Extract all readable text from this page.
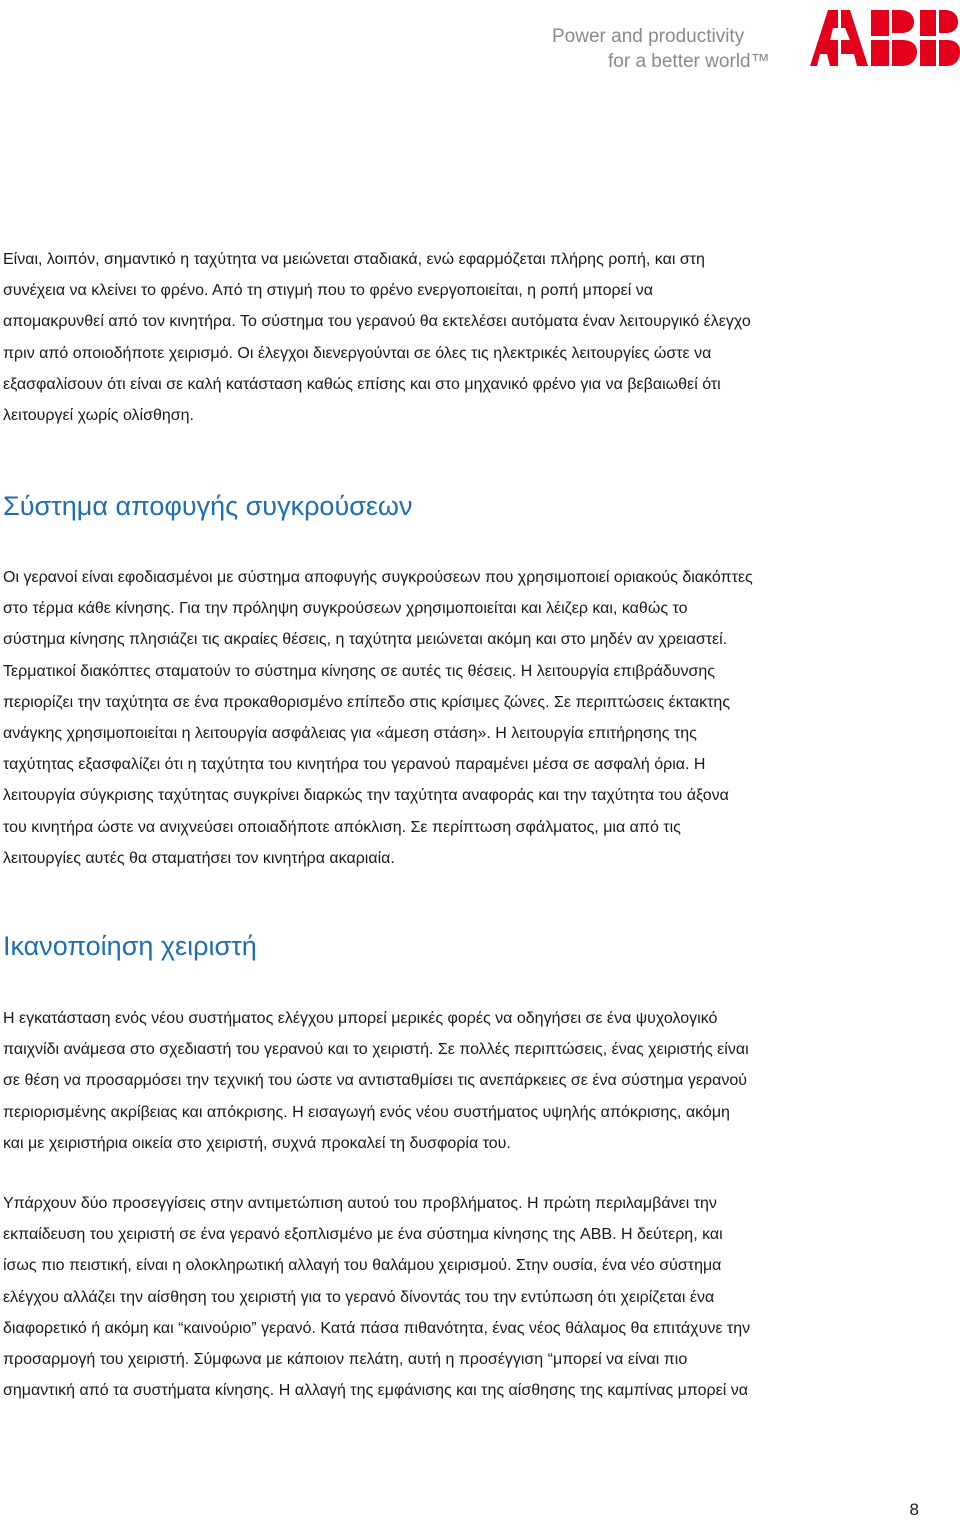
Power and productivity
for a better world™

Είναι, λοιπόν, σημαντικό η ταχύτητα να μειώνεται σταδιακά, ενώ εφαρμόζεται πλήρης ροπή, και στη
συνέχεια να κλείνει το φρένο. Από τη στιγμή που το φρένο ενεργοποιείται, η ροπή μπορεί να
απομακρυνθεί από τον κινητήρα. Το σύστημα του γερανού θα εκτελέσει αυτόματα έναν λειτουργικό έλεγχο
πριν από οποιοδήποτε χειρισμό. Οι έλεγχοι διενεργούνται σε όλες τις ηλεκτρικές λειτουργίες ώστε να
εξασφαλίσουν ότι είναι σε καλή κατάσταση καθώς επίσης και στο μηχανικό φρένο για να βεβαιωθεί ότι
λειτουργεί χωρίς ολίσθηση.

Σύστημα αποφυγής συγκρούσεων

Οι γερανοί είναι εφοδιασμένοι με σύστημα αποφυγής συγκρούσεων που χρησιμοποιεί οριακούς διακόπτες
στο τέρμα κάθε κίνησης. Για την πρόληψη συγκρούσεων χρησιμοποιείται και λέιζερ και, καθώς το
σύστημα κίνησης πλησιάζει τις ακραίες θέσεις, η ταχύτητα μειώνεται ακόμη και στο μηδέν αν χρειαστεί.
Τερματικοί διακόπτες σταματούν το σύστημα κίνησης σε αυτές τις θέσεις. Η λειτουργία επιβράδυνσης
περιορίζει την ταχύτητα σε ένα προκαθορισμένο επίπεδο στις κρίσιμες ζώνες. Σε περιπτώσεις έκτακτης
ανάγκης χρησιμοποιείται η λειτουργία ασφάλειας για «άμεση στάση». Η λειτουργία επιτήρησης της
ταχύτητας εξασφαλίζει ότι η ταχύτητα του κινητήρα του γερανού παραμένει μέσα σε ασφαλή όρια. Η
λειτουργία σύγκρισης ταχύτητας συγκρίνει διαρκώς την ταχύτητα αναφοράς και την ταχύτητα του άξονα
του κινητήρα ώστε να ανιχνεύσει οποιαδήποτε απόκλιση. Σε περίπτωση σφάλματος, μια από τις
λειτουργίες αυτές θα σταματήσει τον κινητήρα ακαριαία.

Ικανοποίηση χειριστή

Η εγκατάσταση ενός νέου συστήματος ελέγχου μπορεί μερικές φορές να οδηγήσει σε ένα ψυχολογικό
παιχνίδι ανάμεσα στο σχεδιαστή του γερανού και το χειριστή. Σε πολλές περιπτώσεις, ένας χειριστής είναι
σε θέση να προσαρμόσει την τεχνική του ώστε να αντισταθμίσει τις ανεπάρκειες σε ένα σύστημα γερανού
περιορισμένης ακρίβειας και απόκρισης. Η εισαγωγή ενός νέου συστήματος υψηλής απόκρισης, ακόμη
και με χειριστήρια οικεία στο χειριστή, συχνά προκαλεί τη δυσφορία του.

Υπάρχουν δύο προσεγγίσεις στην αντιμετώπιση αυτού του προβλήματος. Η πρώτη περιλαμβάνει την
εκπαίδευση του χειριστή σε ένα γερανό εξοπλισμένο με ένα σύστημα κίνησης της ABB. Η δεύτερη, και
ίσως πιο πειστική, είναι η ολοκληρωτική αλλαγή του θαλάμου χειρισμού. Στην ουσία, ένα νέο σύστημα
ελέγχου αλλάζει την αίσθηση του χειριστή για το γερανό δίνοντάς του την εντύπωση ότι χειρίζεται ένα
διαφορετικό ή ακόμη και “καινούριο” γερανό. Κατά πάσα πιθανότητα, ένας νέος θάλαμος θα επιτάχυνε την
προσαρμογή του χειριστή. Σύμφωνα με κάποιον πελάτη, αυτή η προσέγγιση “μπορεί να είναι πιο
σημαντική από τα συστήματα κίνησης. Η αλλαγή της εμφάνισης και της αίσθησης της καμπίνας μπορεί να

8
